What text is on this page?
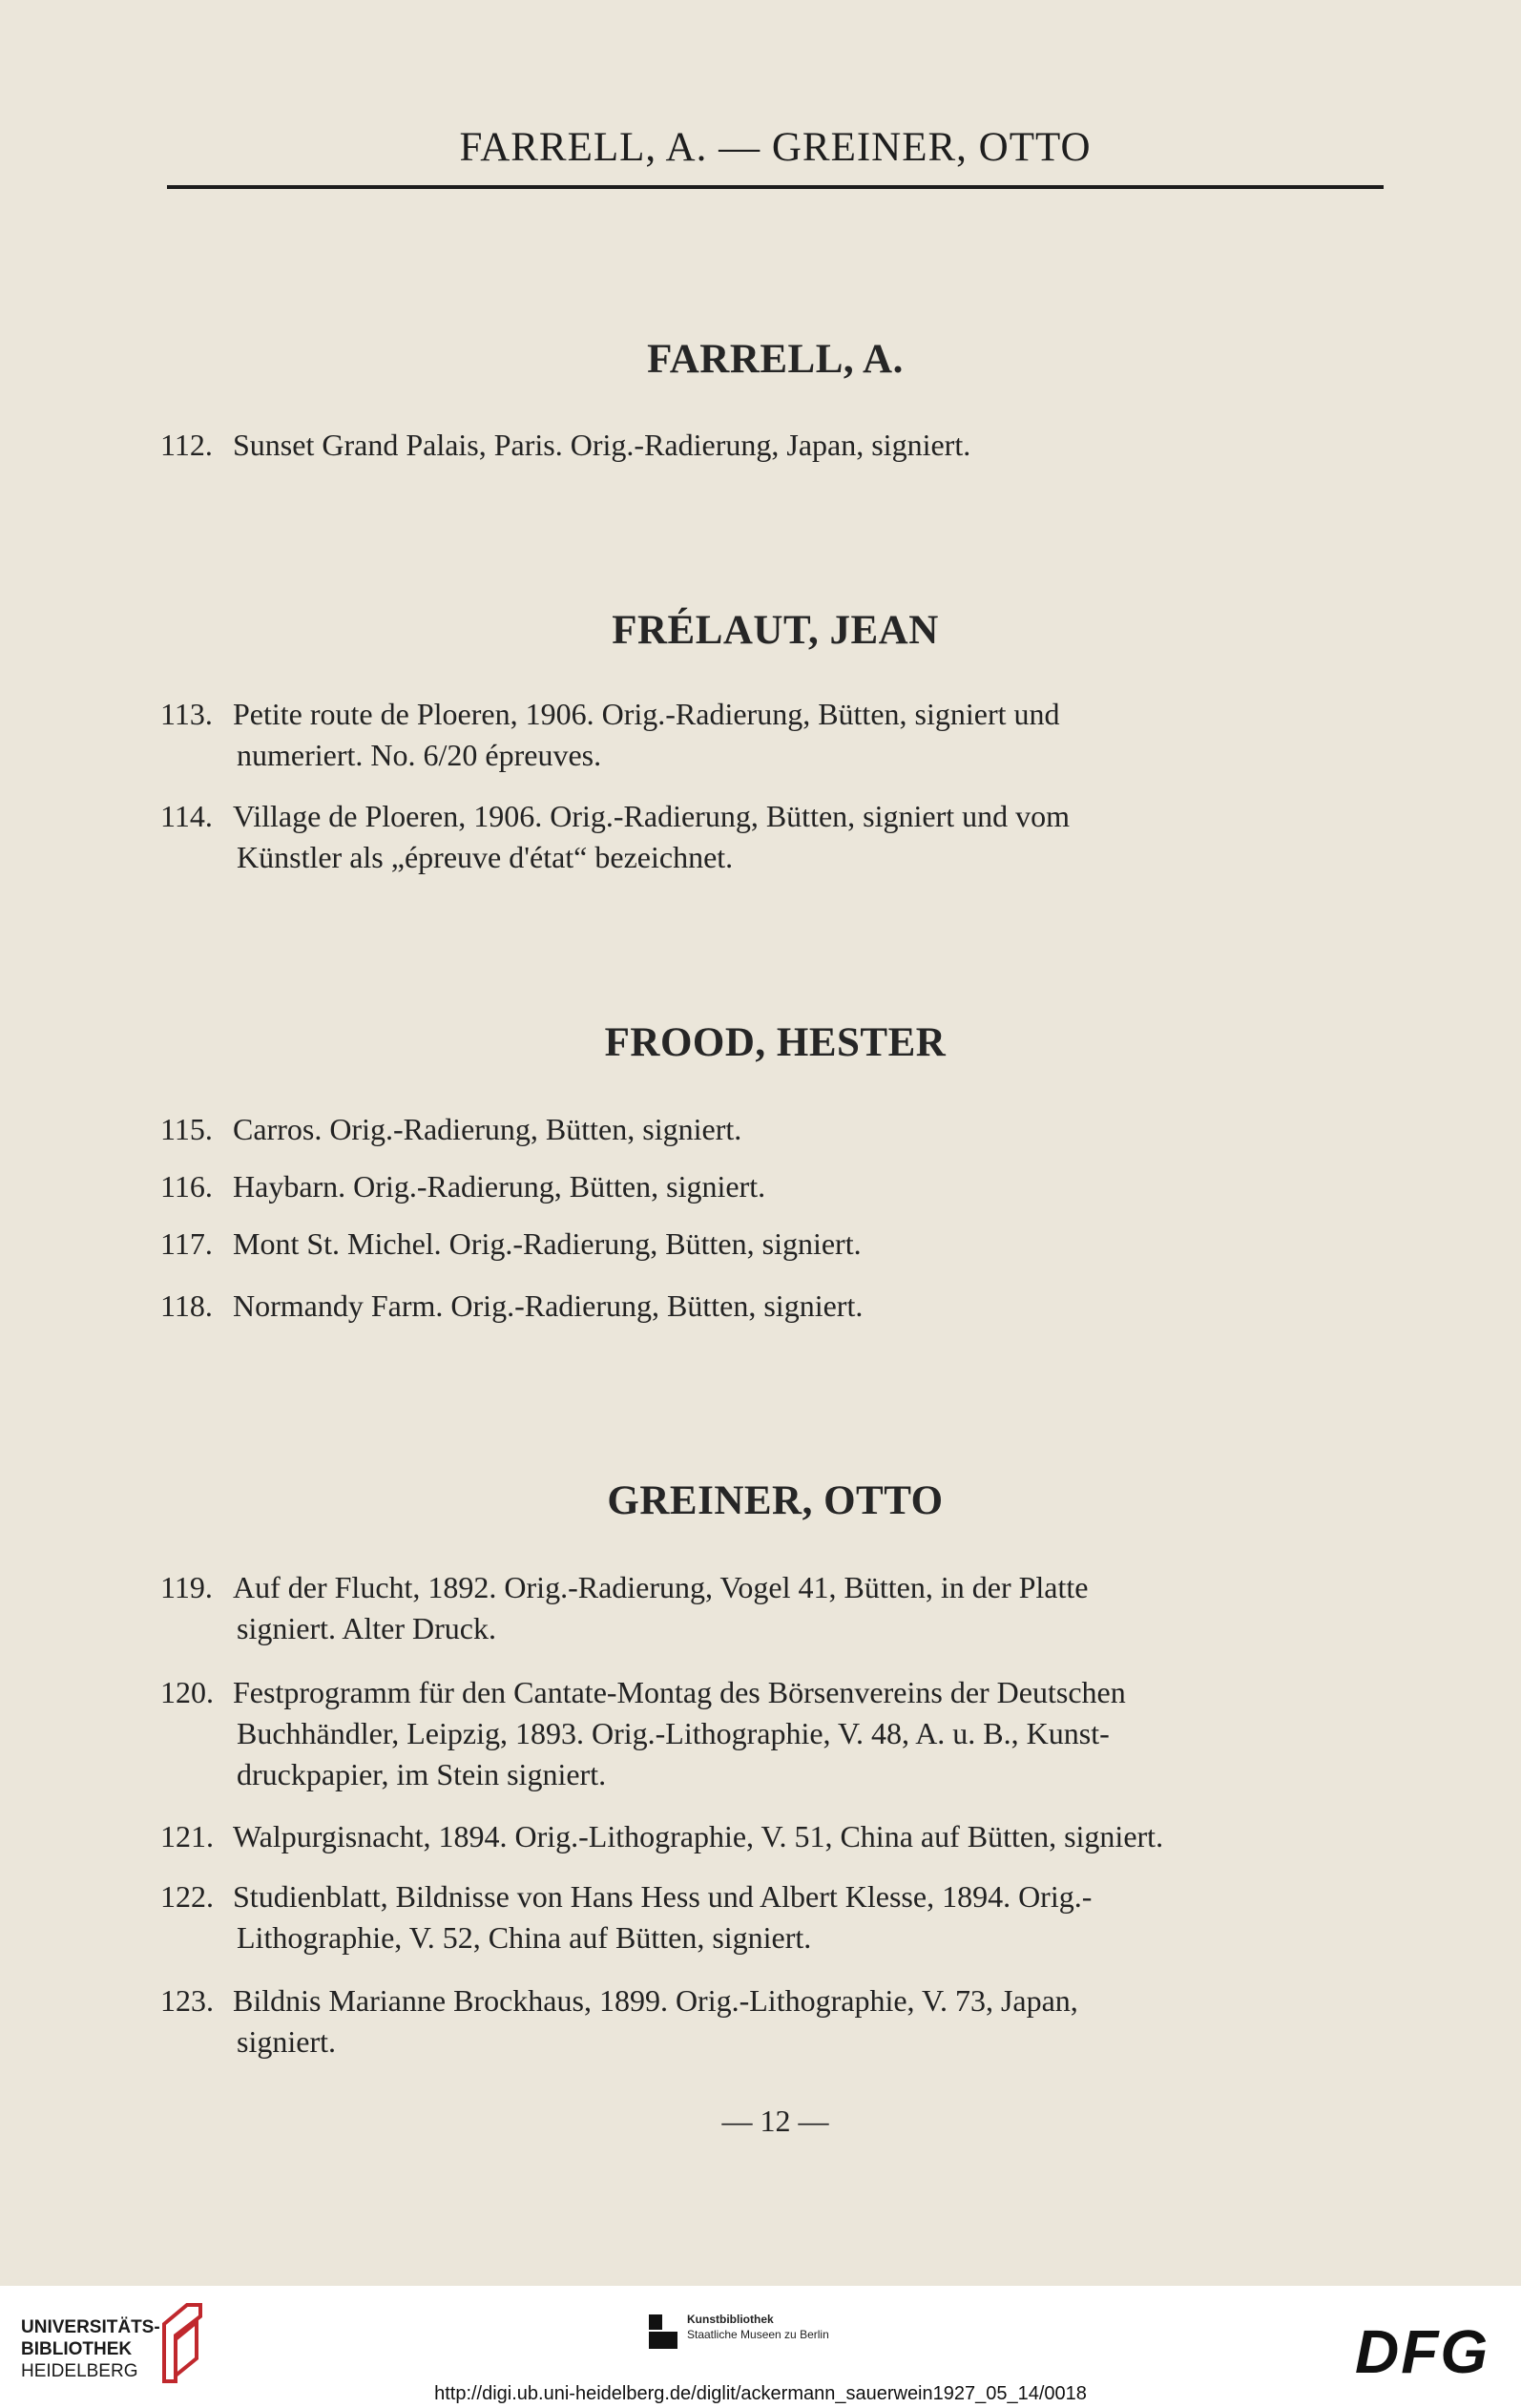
FARRELL, A. — GREINER, OTTO
FARRELL, A.
112. Sunset Grand Palais, Paris. Orig.-Radierung, Japan, signiert.
FRÉLAUT, JEAN
113. Petite route de Ploeren, 1906. Orig.-Radierung, Bütten, signiert und
numeriert. No. 6/20 épreuves.
114. Village de Ploeren, 1906. Orig.-Radierung, Bütten, signiert und vom
Künstler als „épreuve d'état“ bezeichnet.
FROOD, HESTER
115. Carros. Orig.-Radierung, Bütten, signiert.
116. Haybarn. Orig.-Radierung, Bütten, signiert.
117. Mont St. Michel. Orig.-Radierung, Bütten, signiert.
118. Normandy Farm. Orig.-Radierung, Bütten, signiert.
GREINER, OTTO
119. Auf der Flucht, 1892. Orig.-Radierung, Vogel 41, Bütten, in der Platte
signiert. Alter Druck.
120. Festprogramm für den Cantate-Montag des Börsenvereins der Deutschen
Buchhändler, Leipzig, 1893. Orig.-Lithographie, V. 48, A. u. B., Kunst-
druckpapier, im Stein signiert.
121. Walpurgisnacht, 1894. Orig.-Lithographie, V. 51, China auf Bütten, signiert.
122. Studienblatt, Bildnisse von Hans Hess und Albert Klesse, 1894. Orig.-
Lithographie, V. 52, China auf Bütten, signiert.
123. Bildnis Marianne Brockhaus, 1899. Orig.-Lithographie, V. 73, Japan,
signiert.
— 12 —
UNIVERSITÄTS-
BIBLIOTHEK
HEIDELBERG
Kunstbibliothek
Staatliche Museen zu Berlin	DFG
http://digi.ub.uni-heidelberg.de/diglit/ackermann_sauerwein1927_05_14/0018
